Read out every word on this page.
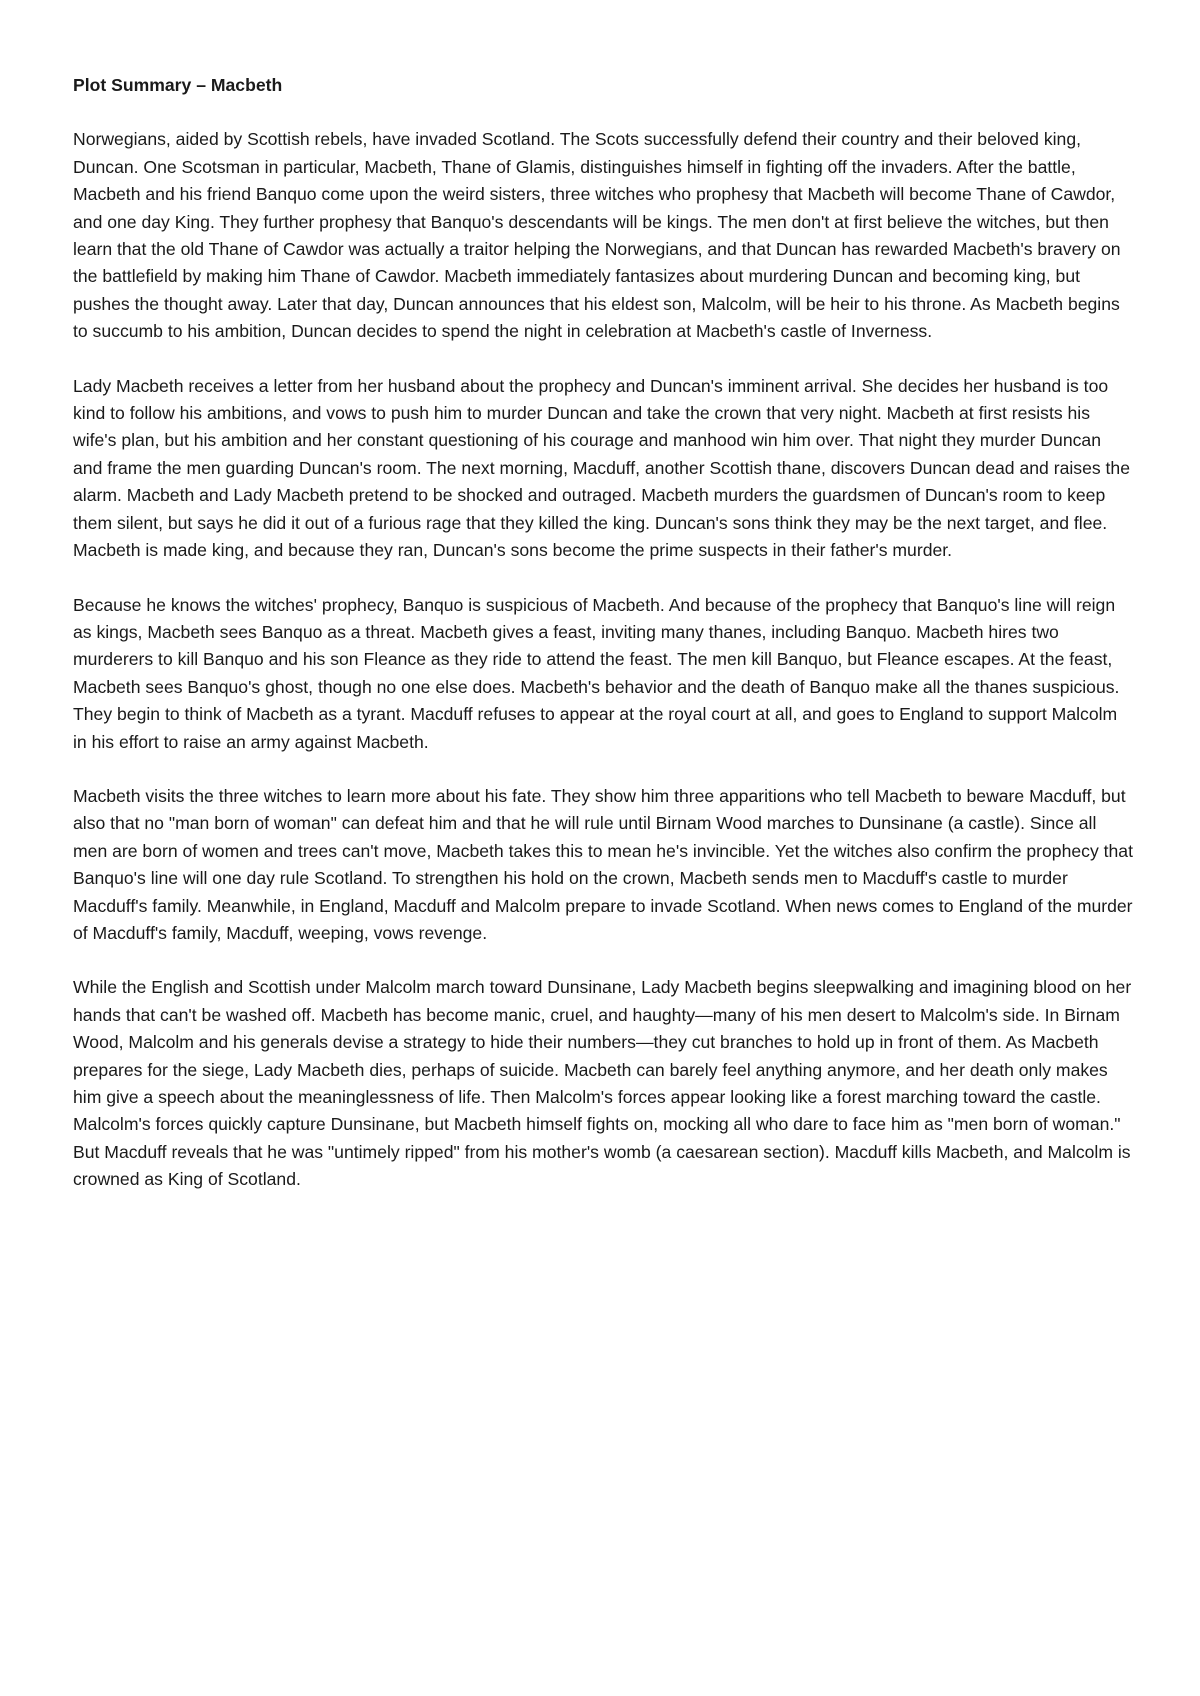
Plot Summary – Macbeth

Norwegians, aided by Scottish rebels, have invaded Scotland. The Scots successfully defend their country and their beloved king, Duncan. One Scotsman in particular, Macbeth, Thane of Glamis, distinguishes himself in fighting off the invaders. After the battle, Macbeth and his friend Banquo come upon the weird sisters, three witches who prophesy that Macbeth will become Thane of Cawdor, and one day King. They further prophesy that Banquo's descendants will be kings. The men don't at first believe the witches, but then learn that the old Thane of Cawdor was actually a traitor helping the Norwegians, and that Duncan has rewarded Macbeth's bravery on the battlefield by making him Thane of Cawdor. Macbeth immediately fantasizes about murdering Duncan and becoming king, but pushes the thought away. Later that day, Duncan announces that his eldest son, Malcolm, will be heir to his throne. As Macbeth begins to succumb to his ambition, Duncan decides to spend the night in celebration at Macbeth's castle of Inverness.

Lady Macbeth receives a letter from her husband about the prophecy and Duncan's imminent arrival. She decides her husband is too kind to follow his ambitions, and vows to push him to murder Duncan and take the crown that very night. Macbeth at first resists his wife's plan, but his ambition and her constant questioning of his courage and manhood win him over. That night they murder Duncan and frame the men guarding Duncan's room. The next morning, Macduff, another Scottish thane, discovers Duncan dead and raises the alarm. Macbeth and Lady Macbeth pretend to be shocked and outraged. Macbeth murders the guardsmen of Duncan's room to keep them silent, but says he did it out of a furious rage that they killed the king. Duncan's sons think they may be the next target, and flee. Macbeth is made king, and because they ran, Duncan's sons become the prime suspects in their father's murder.

Because he knows the witches' prophecy, Banquo is suspicious of Macbeth. And because of the prophecy that Banquo's line will reign as kings, Macbeth sees Banquo as a threat. Macbeth gives a feast, inviting many thanes, including Banquo. Macbeth hires two murderers to kill Banquo and his son Fleance as they ride to attend the feast. The men kill Banquo, but Fleance escapes. At the feast, Macbeth sees Banquo's ghost, though no one else does. Macbeth's behavior and the death of Banquo make all the thanes suspicious. They begin to think of Macbeth as a tyrant. Macduff refuses to appear at the royal court at all, and goes to England to support Malcolm in his effort to raise an army against Macbeth.

Macbeth visits the three witches to learn more about his fate. They show him three apparitions who tell Macbeth to beware Macduff, but also that no "man born of woman" can defeat him and that he will rule until Birnam Wood marches to Dunsinane (a castle). Since all men are born of women and trees can't move, Macbeth takes this to mean he's invincible. Yet the witches also confirm the prophecy that Banquo's line will one day rule Scotland. To strengthen his hold on the crown, Macbeth sends men to Macduff's castle to murder Macduff's family. Meanwhile, in England, Macduff and Malcolm prepare to invade Scotland. When news comes to England of the murder of Macduff's family, Macduff, weeping, vows revenge.

While the English and Scottish under Malcolm march toward Dunsinane, Lady Macbeth begins sleepwalking and imagining blood on her hands that can't be washed off. Macbeth has become manic, cruel, and haughty—many of his men desert to Malcolm's side. In Birnam Wood, Malcolm and his generals devise a strategy to hide their numbers—they cut branches to hold up in front of them. As Macbeth prepares for the siege, Lady Macbeth dies, perhaps of suicide. Macbeth can barely feel anything anymore, and her death only makes him give a speech about the meaninglessness of life. Then Malcolm's forces appear looking like a forest marching toward the castle. Malcolm's forces quickly capture Dunsinane, but Macbeth himself fights on, mocking all who dare to face him as "men born of woman." But Macduff reveals that he was "untimely ripped" from his mother's womb (a caesarean section). Macduff kills Macbeth, and Malcolm is crowned as King of Scotland.
